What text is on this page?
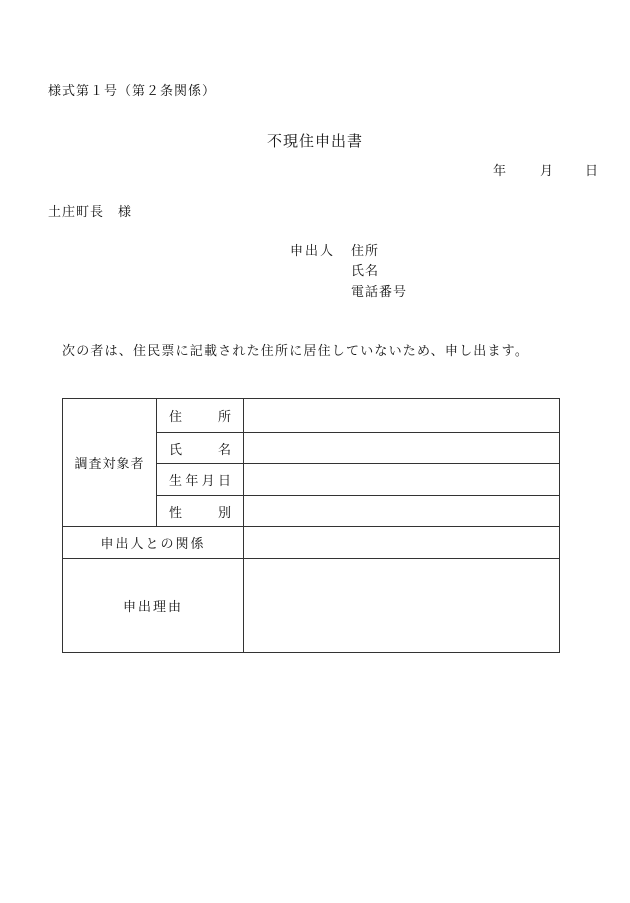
様式第１号（第２条関係）
不現住申出書
年	月 日
土庄町長　様
申出人 住所
氏名
電話番号
次の者は、住民票に記載された住所に居住していないため、申し出ます。
調査対象者	住 所	

	氏 名	

	生 年 月 日	

	性 別	

申出人との関係		
申出理由		
